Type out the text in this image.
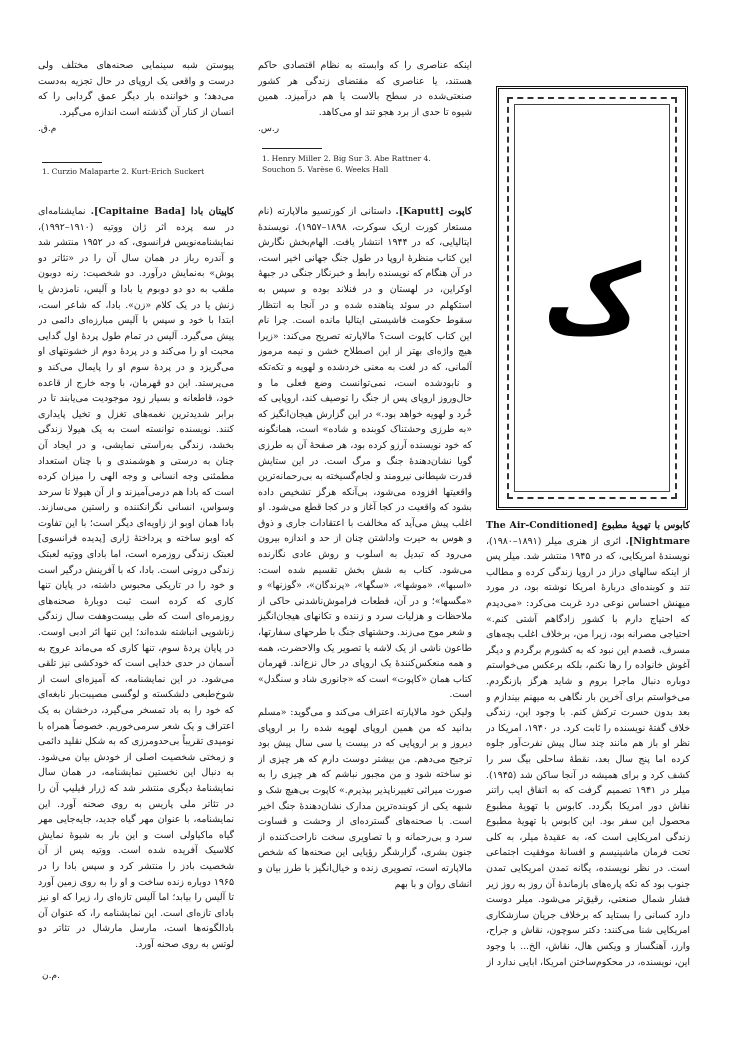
پیوستن شبه سینمایی صحنه‌های مختلف ولی درست و واقعی یک اروپای در حال تجزیه به‌دست می‌دهد؛ و خواننده بار دیگر عمق گردابی را که انسان از کنار آن گذشته است اندازه می‌گیرد.

م.ق.
1. Curzio Malaparte 2. Kurt-Erich Suckert

کاپیتان بادا [Capitaine Bada]. نمایشنامه‌ای در سه پرده اثر ژان ووتیه (۱۹۱۰–۱۹۹۲)، نمایشنامه‌نویس فرانسوی، که در ۱۹۵۲ منتشر شد و آندره رباز در همان سال آن را در «تئاتر دو پوش» به‌نمایش درآورد. دو شخصیت: رنه دوبون ملقب به دو دو دوبوم یا بادا و آلیس، نامزدش یا زنش یا در یک کلام «زن». بادا، که شاعر است، ابتدا با خود و سپس با آلیس مبارزه‌ای دائمی در پیش می‌گیرد. آلیس در تمام طول پردهٔ اول گدایی محبت او را می‌کند و در پردهٔ دوم از خشونتهای او می‌گریزد و در پردهٔ سوم او را پایمال می‌کند و می‌پرستد. این دو قهرمان، با وجه خارج از قاعده خود، قاطعانه و بسیار زود موجودیت می‌یابند تا در برابر شدیدترین نغمه‌های تغزل و تخیل پایداری کنند. نویسنده توانسته است به یک هیولا زندگی بخشد، زندگی به‌راستی نمایشی، و در ایجاد آن چنان به درستی و هوشمندی و با چنان استعداد مطمئنی وجه انسانی و وجه الهی را میزان کرده است که بادا هم درمی‌آمیزند و از آن هیولا تا سرحد وسواس، انسانی نگرانکننده و راستین می‌سازند. بادا همان اوبو از زاویه‌ای دیگر است؛ با این تفاوت که اوبو ساخته و پرداختهٔ ژاری [پدیده فرانسوی] لعبتک زندگی روزمره است، اما بادای ووتیه لعبتک زندگی درونی است. بادا، که با آفرینش درگیر است و خود را در تاریکی محبوس داشته، در پایان تنها کاری که کرده است ثبت دوبارهٔ صحنه‌های روزمره‌ای است که طی بیست‌وهفت سال زندگی زناشویی انباشته شده‌اند؛ این تنها اثر ادبی اوست. در پایان پردهٔ سوم، تنها کاری که می‌ماند عروج به آسمان در حدی خدایی است که خودکشی نیز تلقی می‌شود. در این نمایشنامه، که آمیزه‌ای است از شوخ‌طبعی دلشکسته و لوگسی مصیبت‌بار نابغه‌ای که خود را به باد تمسخر می‌گیرد، درخشان به یک اعتراف و یک شعر سرمی‌خوریم. خصوصاً همراه با نومیدی تقریباً بی‌حدومرزی که به شکل نقلید دائمی و زمختی شخصیت اصلی از خودش بیان می‌شود. به دنبال این نخستین نمایشنامه، در همان سال نمایشنامهٔ دیگری منتشر شد که ژرار فیلیپ آن را در تئاتر ملی پاریس به روی صحنه آورد. این نمایشنامه، با عنوان مهر گیاه جدید، جایه‌جایی مهر گیاه ماکیاولی است و این بار به شیوهٔ نمایش کلاسیک آفریده شده است. ووتیه پس از آن شخصیت بادز را منتشر کرد و سپس بادا را در ۱۹۶۵ دوباره زنده ساخت و او را به روی زمین آورد تا آلیس را بیابد؛ اما آلیس تازه‌ای را، زیرا که او نیز بادای تازه‌ای است. این نمایشنامه را، که عنوان آن بادالگونه‌ها است، مارسل مارشال در تئاتر دو لوتس به روی صحنه آورد.

م.ن.

اینکه عناصری را که وابسته به نظام اقتصادی حاکم هستند، یا عناصری که مقتضای زندگی هر کشور صنعتی‌شده در سطح بالاست یا هم درآمیزد. همین شیوه تا حدی از برد هجو تند او می‌کاهد.

ر.س.
1. Henry Miller 2. Big Sur 3. Abe Rattner 4. Souchon 5. Varèse 6. Weeks Hall

کاپوت [Kaputt]. داستانی از کورتسیو مالاپارته (نام مستعار کورت اریک سوکرت، ۱۸۹۸–۱۹۵۷)، نویسندهٔ ایتالیایی، که در ۱۹۴۴ انتشار یافت. الهام‌بخش نگارش این کتاب منظرهٔ اروپا در طول جنگ جهانی اخیر است، در آن هنگام که نویسنده رابط و خبرنگار جنگی در جبههٔ اوکراین، در لهستان و در فنلاند بوده و سپس به استکهلم در سوئد پناهنده شده و در آنجا به انتظار سقوط حکومت فاشیستی ایتالیا مانده است. چرا نام این کتاب کاپوت است؟ مالاپارته تصریح می‌کند: «زیرا هیچ واژه‌ای بهتر از این اصطلاح خشن و نیمه مرموز آلمانی، که در لغت به معنی خردشده و لهویه و تکه‌تکه و نابودشده است، نمی‌توانست وضع فعلی ما و حال‌وروز اروپای پس از جنگ را توصیف کند، اروپایی که خُرد و لهویه خواهد بود.» در این گزارش هیجان‌انگیز که «به طرزی وحشتناک کوبنده و شاده» است، همانگونه که خود نویسنده آرزو کرده بود، هر صفحهٔ آن به طرزی گویا نشان‌دهندهٔ جنگ و مرگ است. در این ستایش قدرت شیطانی نیرومند و لجام‌گسیخته به بی‌رحمانه‌ترین واقعیتها افزوده می‌شود، بی‌آنکه هرگز تشخیص داده بشود که واقعیت در کجا آغاز و در کجا قطع می‌شود. او اغلب پیش می‌آید که مخالفت با اعتقادات جاری و ذوق و هوس به حیرت واداشتن چنان از حد و اندازه بیرون می‌رود که تبدیل به اسلوب و روش عادی نگارنده می‌شود. کتاب به شش بخش تقسیم شده است: «اسبها»، «موشها»، «سگها»، «پرندگان»، «گوزنها» و «مگسها»؛ و در آن، قطعات فراموش‌ناشدنی حاکی از ملاحظات و هزلیات سرد و زننده و تکانهای هیجان‌انگیز و شعر موج می‌زند. وحشتهای جنگ با طرحهای سفارتها، طاعون ناشی از یک لاشه یا تصویر یک والاحضرت، همه و همه منعکس‌کنندهٔ یک اروپای در حال نزع‌اند. قهرمان کتاب همان «کاپوت» است که «جانوری شاد و سنگدل» است.

ولیکن خود مالاپارته اعتراف می‌کند و می‌گوید: «مسلم بدانید که من همین اروپای لهویه شده را بر اروپای دیروز و بر اروپایی که در بیست یا سی سال پیش بود ترجیح می‌دهم. من بیشتر دوست دارم که هر چیزی از نو ساخته شود و من مجبور نباشم که هر چیزی را به صورت میراثی تغییرناپذیر بپذیرم.» کاپوت بی‌هیچ شک و شبهه یکی از کوبنده‌ترین مدارک نشان‌دهندهٔ جنگ اخیر است. با صحنه‌های گسترده‌ای از وحشت و قساوت سرد و بی‌رحمانه و با تصاویری سخت ناراحت‌کننده از جنون بشری، گزارشگر رؤیایی این صحنه‌ها که شخص مالاپارته است، تصویری زنده و خیال‌انگیز با طرز بیان و انشای روان و با بهم

ک

کابوس با تهویهٔ مطبوع [The Air-Conditioned Nightmare]. اثری از هنری میلر (۱۸۹۱–۱۹۸۰)، نویسندهٔ امریکایی، که در ۱۹۴۵ منتشر شد. میلر پس از اینکه سالهای دراز در اروپا زندگی کرده و مطالب تند و کوبنده‌ای دربارهٔ امریکا نوشته بود، در مورد میهنش احساس نوعی درد غربت می‌کرد: «می‌دیدم که احتیاج دارم با کشور زادگاهم آشتی کنم.» احتیاجی مصرانه بود، زیرا من، برخلاف اغلب بچه‌های مسرف، قصدم این نبود که به کشورم برگردم و دیگر آغوش خانواده را رها نکنم، بلکه برعکس می‌خواستم دوباره دنبال ماجرا بروم و شاید هرگز بازنگردم. می‌خواستم برای آخرین بار نگاهی به میهنم بیندازم و بعد بدون حسرت ترکش کنم. با وجود این، زندگی خلاف گفتهٔ نویسنده را ثابت کرد. در ۱۹۴۰، امریکا در نظر او باز هم مانند چند سال پیش نفرت‌آور جلوه کرده اما پنج سال بعد، نقطهٔ ساحلی بیگ سر را کشف کرد و برای همیشه در آنجا ساکن شد (۱۹۴۵). میلر در ۱۹۴۱ تصمیم گرفت که به اتفاق ایب راتنر نقاش دور امریکا بگردد. کابوس با تهویهٔ مطبوع محصول این سفر بود. این کابوس با تهویهٔ مطبوع زندگی امریکایی است که، به عقیدهٔ میلر، به کلی تحت فرمان ماشینیسم و افسانهٔ موفقیت اجتماعی است. در نظر نویسنده، یگانه تمدن امریکایی تمدن جنوب بود که تکه پاره‌های بازماندهٔ آن روز به روز زیر فشار شمال صنعتی، رقیق‌تر می‌شود. میلر دوست دارد کسانی را بستاید که برخلاف جریان سازشکاری امریکایی شنا می‌کنند: دکتر سوچون، نقاش و جراح، وارز، آهنگساز و ویکس هال، نقاش، الخ... با وجود این، نویسنده، در محکوم‌ساختن امریکا، ابایی ندارد از
